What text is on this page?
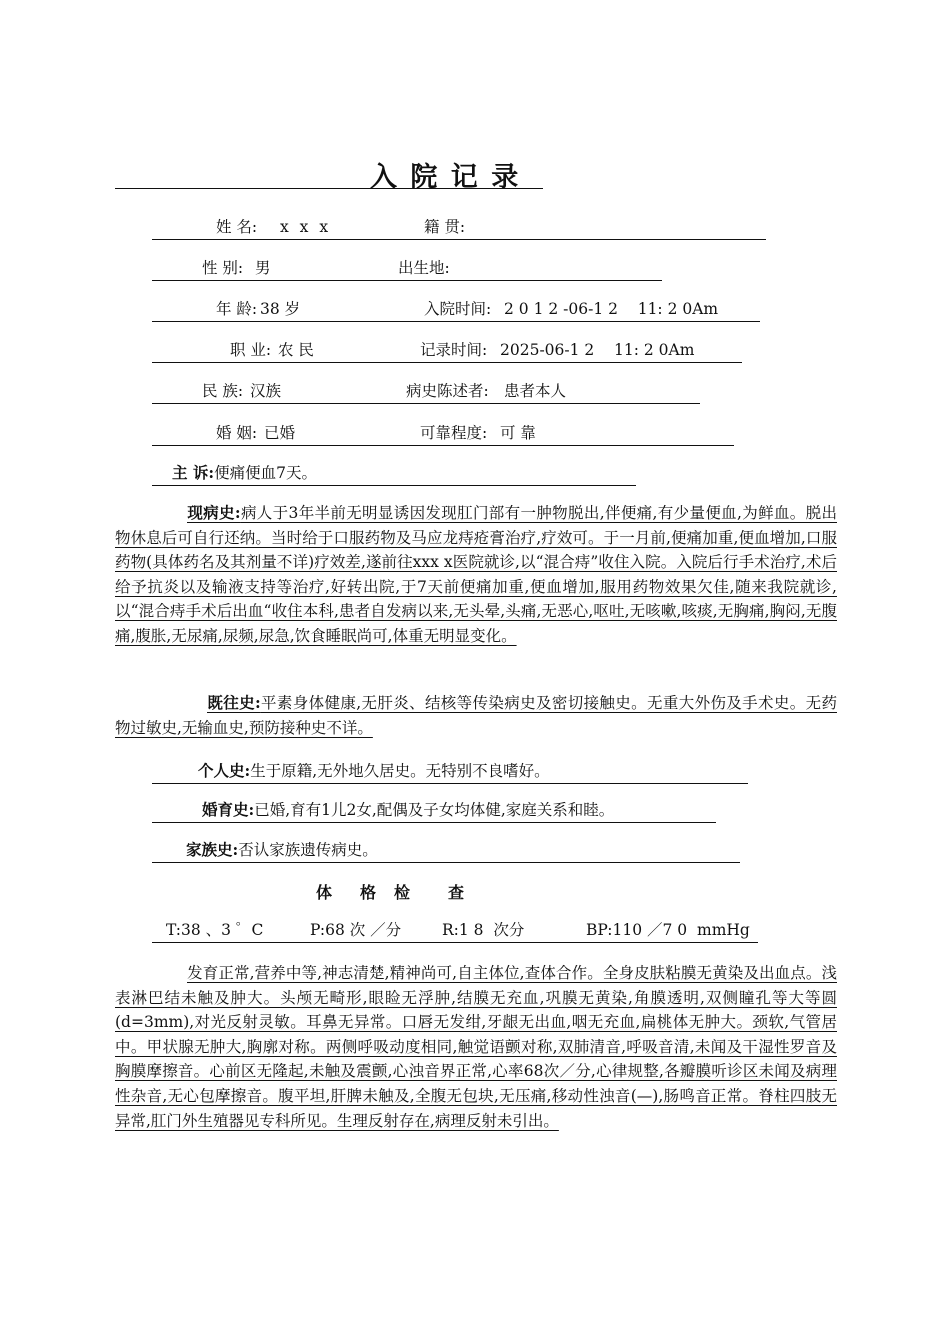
入 院 记 录
姓 名: x x x	籍 贯:
性 别: 男	出生地:
年 龄: 38 岁	入院时间: 2 0 1 2 -06-1 2    11: 2 0Am
职 业: 农 民	记录时间: 2025-06-1 2    11: 2 0Am
民 族: 汉族	病史陈述者: 患者本人
婚 姻: 已婚	可靠程度: 可 靠
主 诉:便痛便血7天。

现病史:病人于3年半前无明显诱因发现肛门部有一肿物脱出,伴便痛,有少量便血,为鲜血。脱出物休息后可自行还纳。当时给于口服药物及马应龙痔疮膏治疗,疗效可。于一月前,便痛加重,便血增加,口服药物(具体药名及其剂量不详)疗效差,遂前往xxx x医院就诊,以“混合痔”收住入院。入院后行手术治疗,术后给予抗炎以及输液支持等治疗,好转出院,于7天前便痛加重,便血增加,服用药物效果欠佳,随来我院就诊,以“混合痔手术后出血“收住本科,患者自发病以来,无头晕,头痛,无恶心,呕吐,无咳嗽,咳痰,无胸痛,胸闷,无腹痛,腹胀,无尿痛,尿频,尿急,饮食睡眠尚可,体重无明显变化。

既往史:平素身体健康,无肝炎、结核等传染病史及密切接触史。无重大外伤及手术史。无药物过敏史,无输血史,预防接种史不详。

个人史:生于原籍,无外地久居史。无特别不良嗜好。
婚育史:已婚,育有1儿2女,配偶及子女均体健,家庭关系和睦。
家族史:否认家族遗传病史。
体 格 检 查
T:38 、3 ゜C	P:68 次 ／分	R:1 8  次分	BP:110 ／7 0  mmHg

发育正常,营养中等,神志清楚,精神尚可,自主体位,查体合作。全身皮肤粘膜无黄染及出血点。浅表淋巴结未触及肿大。头颅无畸形,眼睑无浮肿,结膜无充血,巩膜无黄染,角膜透明,双侧瞳孔等大等圆(d=3mm),对光反射灵敏。耳鼻无异常。口唇无发绀,牙龈无出血,咽无充血,扁桃体无肿大。颈软,气管居中。甲状腺无肿大,胸廓对称。两侧呼吸动度相同,触觉语颤对称,双肺清音,呼吸音清,未闻及干湿性罗音及胸膜摩擦音。心前区无隆起,未触及震颤,心浊音界正常,心率68次／分,心律规整,各瓣膜听诊区未闻及病理性杂音,无心包摩擦音。腹平坦,肝脾未触及,全腹无包块,无压痛,移动性浊音(—),肠鸣音正常。脊柱四肢无异常,肛门外生殖器见专科所见。生理反射存在,病理反射未引出。
